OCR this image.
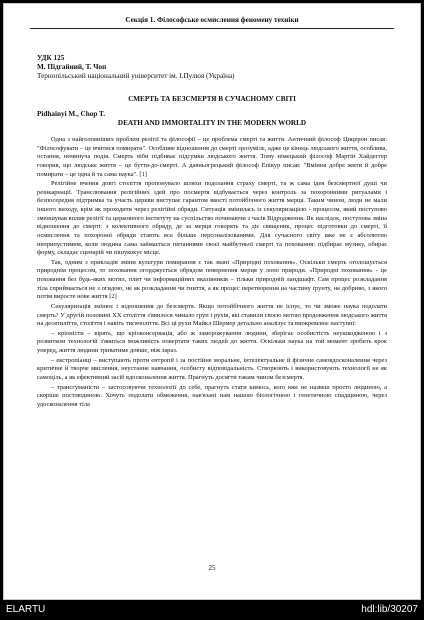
Секція 1. Філософське осмислення феномену техніки
УДК 125
М. Підгайний, Т. Чоп
Тернопільський національний університет ім. І.Пулюя (Україна)
СМЕРТЬ ТА БЕЗСМЕРТЯ В СУЧАСНОМУ СВІТІ
Pidhainyi M., Chop T.
DEATH AND IMMORTALITY IN THE MODERN WORLD

Одна з найголовніших проблем релігії та філософії – це проблема смерті та життя. Античний філософ Цицерон писав: "Філософувати – це вчитися помирати". Особливе відношення до смерті зрозуміле, адже це кінець людського життя, особлива, остання, неминуча подія. Смерть ніби підбиває підсумки людського життя. Тому німецький філософ Мартін Хайдеггер говорив, що людське життя – це буття-до-смерті. А давньогрецький філософ Епікур писав: "Вміння добре жити й добре помирати – це одна й та сама наука". [1]

Релігійне вчення довгі століття пропонувало шляхи подолання страху смерті, та ж сама ідея безсмертної душі чи реінкарнації. Транслювання релігійних ідей про посмертя відбувається через контроль за похоронними ритуалами і безпосередня підтримка та участь церкви виступає гарантом вкості потойбічного життя мерця. Таким чином, люди не мали іншого виходу, крім як проходити через релігійні обряди. Ситуація змінилась із секуляризацією - процесом, який поступово зменшував вплив релігії та церковного інституту на суспільство починаючи з часів Відродження. Як наслідок, поступова зміна відношення до смерті: з колективного обряду, де за мерця говорять та діє священик, процес підготовки до смерті, її осмислення та похоронні обряди стають все більше персоналізованими. Для сучасного світу вже не є абсолютно неприпустимим, коли людина сама займається питаннями своєї майбутньої смерті та поховання: підбирає музику, обирає форму, складає сценарій чи пішукокує місце.

Так, одним з прикладів зміни культури помирання є так звані «Природні поховання». Оскільки смерть оголошується природнім процесом, то поховання огорджується обрядом повернення мерця у лоно природи. «Природні поховання» - це поховання без будь-яких могил, плит чи інформаційних вказівників – тільки природній ландшафт. Сам процес розкладання тіла сприймається не з огидою, не як розкладання чи гниття, а як процес перетворення на частину ґрунту, на добриво, з якого потім виросте нове життя [2]

Секуляризація змінює і відношення до безсмертя. Якщо потойбічного життя не існує, то чи зможе наука подолати смерть? У другій половині XX століття з'явилося чимало груп і рухів, які ставили своєю метою продовження людського життя на десятиліття, століття і навіть тисячоліття. Всі ці рухи Майкл Шермер детально аналізує та виокремлює наступні:

– кріоністи – вірять, що кріоконсервація, або ж заморожування людини, зберігає особистість неушкодженою і з розвитком технологій з'явиться можливість повертати таких людей до життя. Оскільки наука на той момент зробить крок уперед, життя людини триватиме довше, ніж зараз.

– екстропіанці – виступають проти ентропії і за постійне моральне, інтелектуальне й фізичне самовдосконалення через критичне й творче мислення, неустанне навчання, особисту відповідальність. Створюють і використовують технології не як самоціль, а як ефективний засіб вдосконалення життя. Прагнуть досягти таким чином безсмертя.

– трансгуманісти – застосовуючи технології до себе, прагнуть стати кимось, кого вже не назвеш просто людиною, а скоріше постлюдиною. Хочуть подолати обмеження, нав'язані нам нашою біологічною і генетичною спадщиною, через удосконалення тіла

25
ELARTU	hdl:lib/30207
